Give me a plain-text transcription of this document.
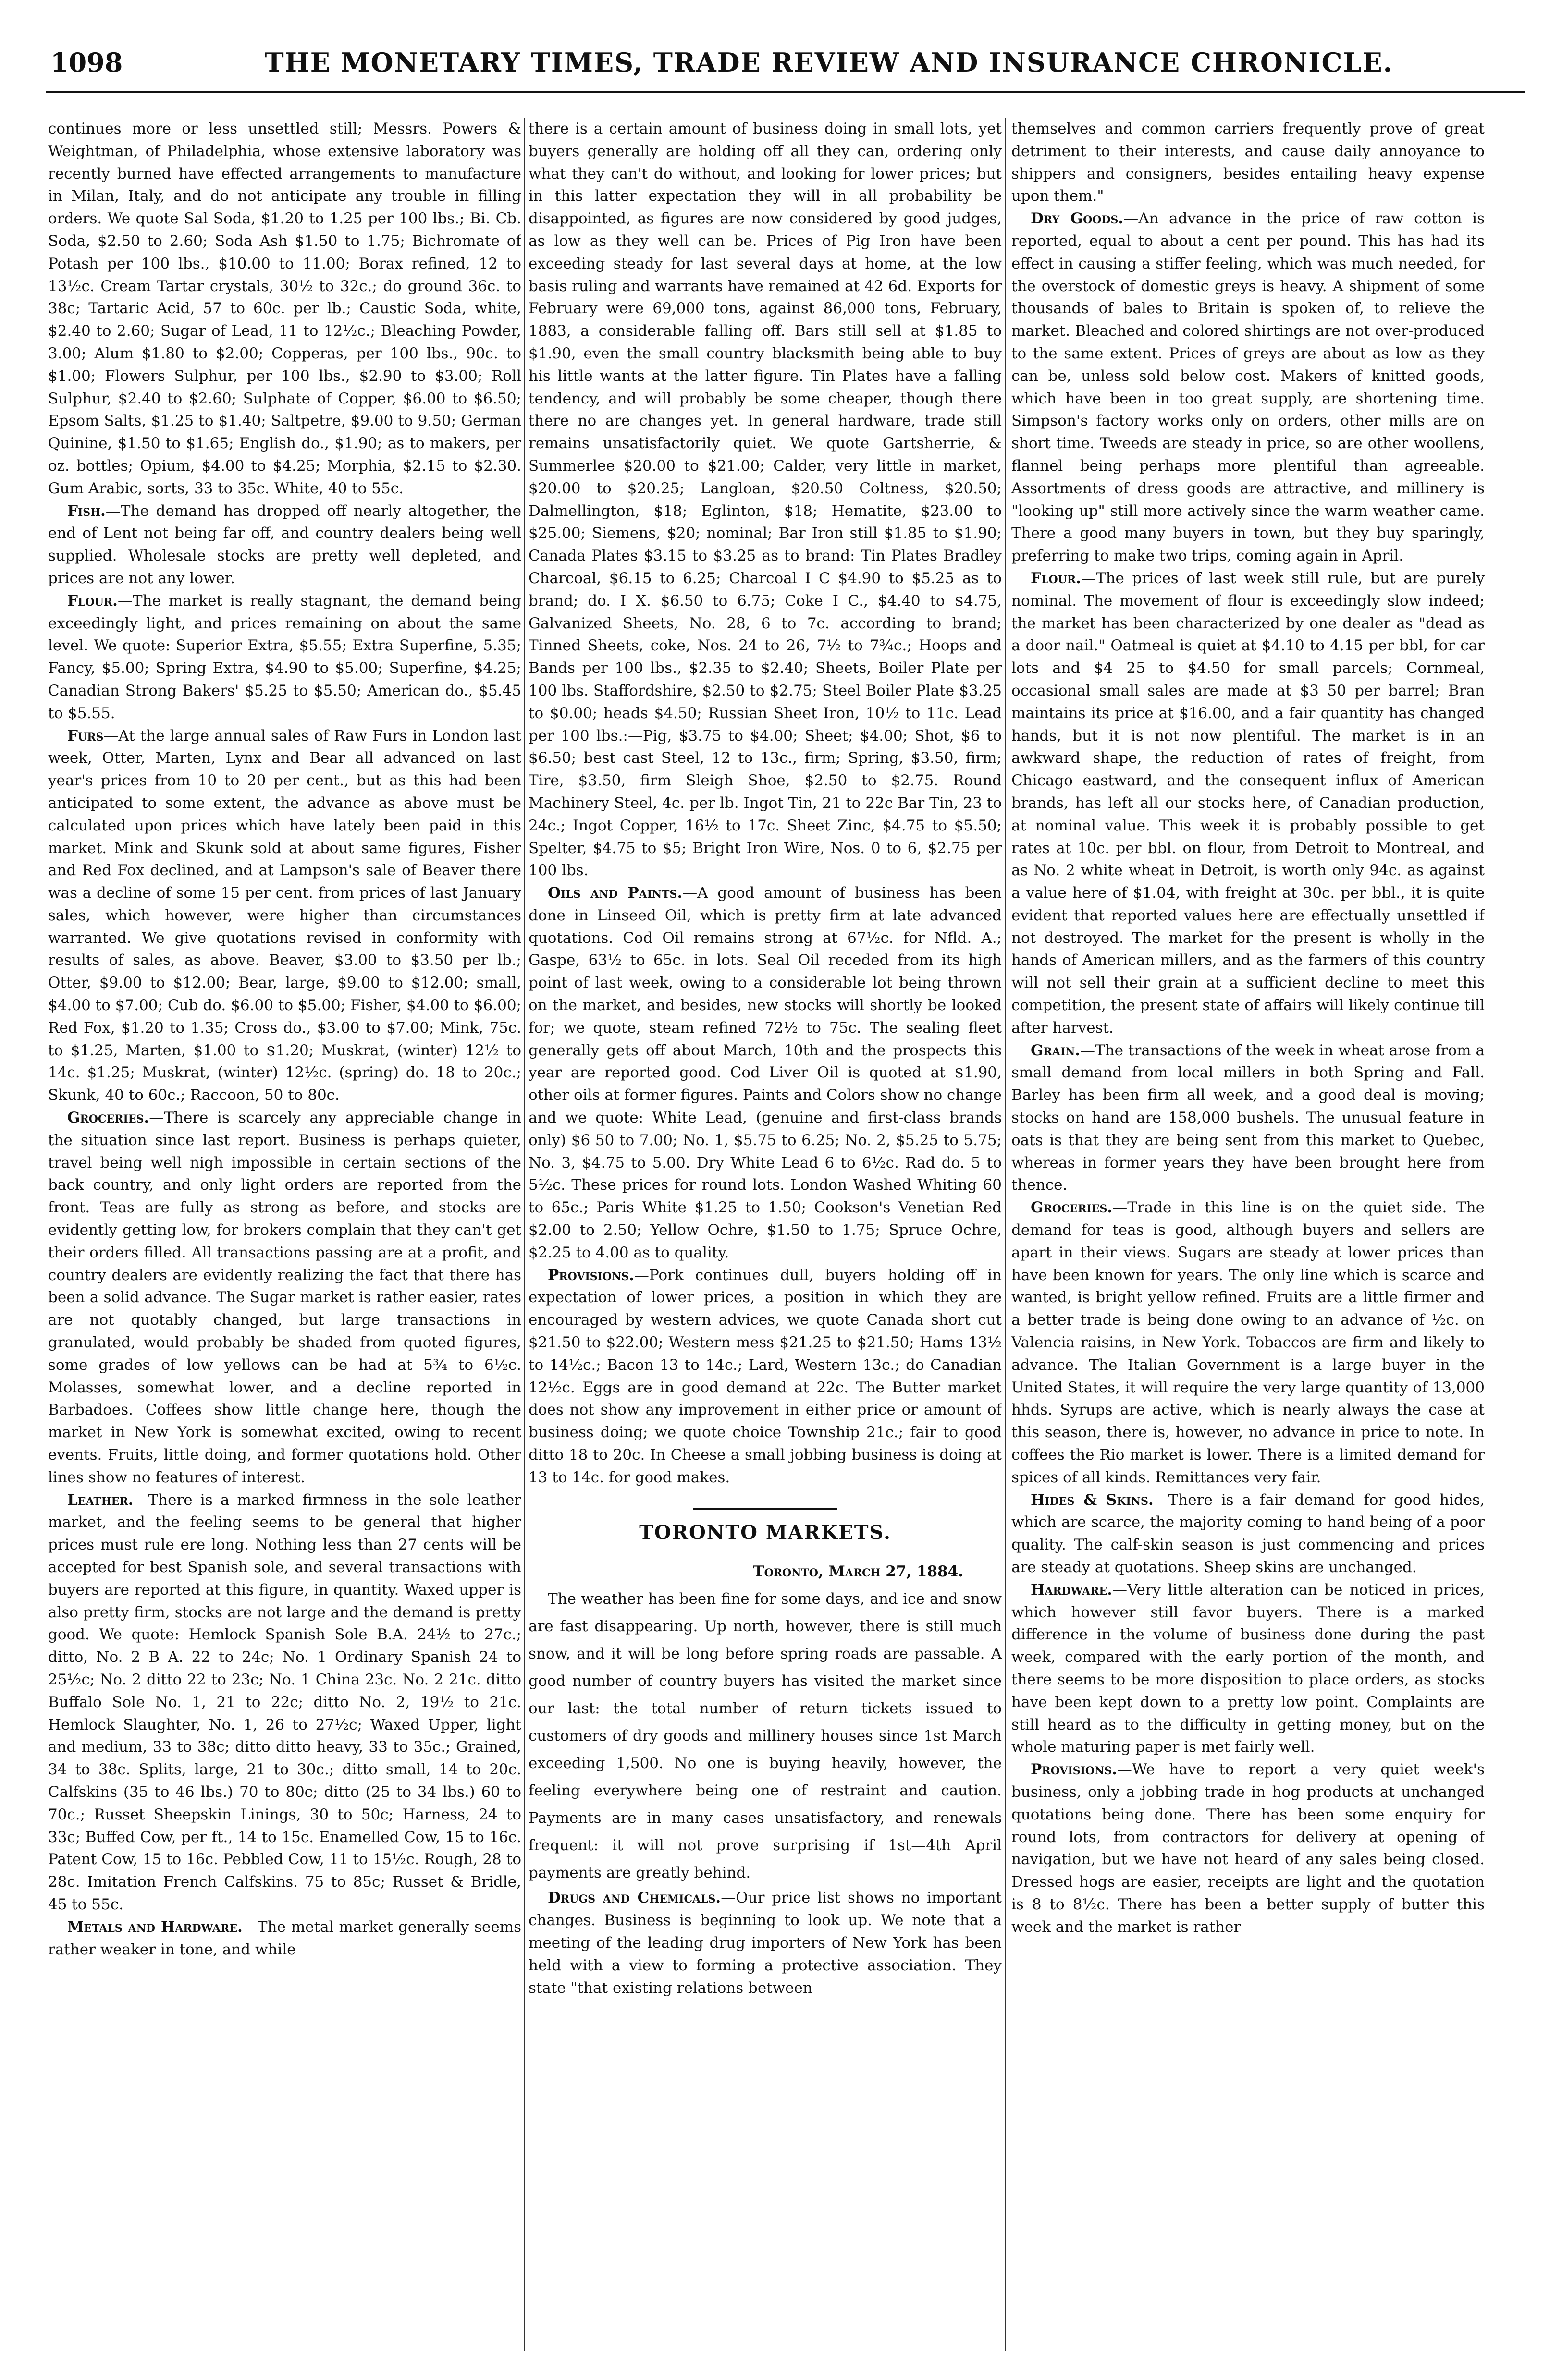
1098	THE MONETARY TIMES, TRADE REVIEW AND INSURANCE CHRONICLE.

continues more or less unsettled still; Messrs. Powers & Weightman, of Philadelphia, whose extensive laboratory was recently burned have effected arrangements to manufacture in Milan, Italy, and do not anticipate any trouble in filling orders. We quote Sal Soda, $1.20 to 1.25 per 100 lbs.; Bi. Cb. Soda, $2.50 to 2.60; Soda Ash $1.50 to 1.75; Bichromate of Potash per 100 lbs., $10.00 to 11.00; Borax refined, 12 to 13½c. Cream Tartar crystals, 30½ to 32c.; do ground 36c. to 38c; Tartaric Acid, 57 to 60c. per lb.; Caustic Soda, white, $2.40 to 2.60; Sugar of Lead, 11 to 12½c.; Bleaching Powder, 3.00; Alum $1.80 to $2.00; Copperas, per 100 lbs., 90c. to $1.00; Flowers Sulphur, per 100 lbs., $2.90 to $3.00; Roll Sulphur, $2.40 to $2.60; Sulphate of Copper, $6.00 to $6.50; Epsom Salts, $1.25 to $1.40; Saltpetre, $9.00 to 9.50; German Quinine, $1.50 to $1.65; English do., $1.90; as to makers, per oz. bottles; Opium, $4.00 to $4.25; Morphia, $2.15 to $2.30. Gum Arabic, sorts, 33 to 35c. White, 40 to 55c.

Fish.—The demand has dropped off nearly altogether, the end of Lent not being far off, and country dealers being well supplied. Wholesale stocks are pretty well depleted, and prices are not any lower.

Flour.—The market is really stagnant, the demand being exceedingly light, and prices remaining on about the same level. We quote: Superior Extra, $5.55; Extra Superfine, 5.35; Fancy, $5.00; Spring Extra, $4.90 to $5.00; Superfine, $4.25; Canadian Strong Bakers' $5.25 to $5.50; American do., $5.45 to $5.55.

Furs—At the large annual sales of Raw Furs in London last week, Otter, Marten, Lynx and Bear all advanced on last year's prices from 10 to 20 per cent., but as this had been anticipated to some extent, the advance as above must be calculated upon prices which have lately been paid in this market. Mink and Skunk sold at about same figures, Fisher and Red Fox declined, and at Lampson's sale of Beaver there was a decline of some 15 per cent. from prices of last January sales, which however, were higher than circumstances warranted. We give quotations revised in conformity with results of sales, as above. Beaver, $3.00 to $3.50 per lb.; Otter, $9.00 to $12.00; Bear, large, $9.00 to $12.00; small, $4.00 to $7.00; Cub do. $6.00 to $5.00; Fisher, $4.00 to $6.00; Red Fox, $1.20 to 1.35; Cross do., $3.00 to $7.00; Mink, 75c. to $1.25, Marten, $1.00 to $1.20; Muskrat, (winter) 12½ to 14c. $1.25; Muskrat, (winter) 12½c. (spring) do. 18 to 20c.; Skunk, 40 to 60c.; Raccoon, 50 to 80c.

Groceries.—There is scarcely any appreciable change in the situation since last report. Business is perhaps quieter, travel being well nigh impossible in certain sections of the back country, and only light orders are reported from the front. Teas are fully as strong as before, and stocks are evidently getting low, for brokers complain that they can't get their orders filled. All transactions passing are at a profit, and country dealers are evidently realizing the fact that there has been a solid advance. The Sugar market is rather easier, rates are not quotably changed, but large transactions in granulated, would probably be shaded from quoted figures, some grades of low yellows can be had at 5¾ to 6½c. Molasses, somewhat lower, and a decline reported in Barbadoes. Coffees show little change here, though the market in New York is somewhat excited, owing to recent events. Fruits, little doing, and former quotations hold. Other lines show no features of interest.

Leather.—There is a marked firmness in the sole leather market, and the feeling seems to be general that higher prices must rule ere long. Nothing less than 27 cents will be accepted for best Spanish sole, and several transactions with buyers are reported at this figure, in quantity. Waxed upper is also pretty firm, stocks are not large and the demand is pretty good. We quote: Hemlock Spanish Sole B.A. 24½ to 27c.; ditto, No. 2 B A. 22 to 24c; No. 1 Ordinary Spanish 24 to 25½c; No. 2 ditto 22 to 23c; No. 1 China 23c. No. 2 21c. ditto Buffalo Sole No. 1, 21 to 22c; ditto No. 2, 19½ to 21c. Hemlock Slaughter, No. 1, 26 to 27½c; Waxed Upper, light and medium, 33 to 38c; ditto ditto heavy, 33 to 35c.; Grained, 34 to 38c. Splits, large, 21 to 30c.; ditto small, 14 to 20c. Calfskins (35 to 46 lbs.) 70 to 80c; ditto (25 to 34 lbs.) 60 to 70c.; Russet Sheepskin Linings, 30 to 50c; Harness, 24 to 33c; Buffed Cow, per ft., 14 to 15c. Enamelled Cow, 15 to 16c. Patent Cow, 15 to 16c. Pebbled Cow, 11 to 15½c. Rough, 28 to 28c. Imitation French Calfskins. 75 to 85c; Russet & Bridle, 45 to 55c.

Metals and Hardware.—The metal market generally seems rather weaker in tone, and while

there is a certain amount of business doing in small lots, yet buyers generally are holding off all they can, ordering only what they can't do without, and looking for lower prices; but in this latter expectation they will in all probability be disappointed, as figures are now considered by good judges, as low as they well can be. Prices of Pig Iron have been exceeding steady for last several days at home, at the low basis ruling and warrants have remained at 42 6d. Exports for February were 69,000 tons, against 86,000 tons, February, 1883, a considerable falling off. Bars still sell at $1.85 to $1.90, even the small country blacksmith being able to buy his little wants at the latter figure. Tin Plates have a falling tendency, and will probably be some cheaper, though there there no are changes yet. In general hardware, trade still remains unsatisfactorily quiet. We quote Gartsherrie, & Summerlee $20.00 to $21.00; Calder, very little in market, $20.00 to $20.25; Langloan, $20.50 Coltness, $20.50; Dalmellington, $18; Eglinton, $18; Hematite, $23.00 to $25.00; Siemens, $20; nominal; Bar Iron still $1.85 to $1.90; Canada Plates $3.15 to $3.25 as to brand: Tin Plates Bradley Charcoal, $6.15 to 6.25; Charcoal I C $4.90 to $5.25 as to brand; do. I X. $6.50 to 6.75; Coke I C., $4.40 to $4.75, Galvanized Sheets, No. 28, 6 to 7c. according to brand; Tinned Sheets, coke, Nos. 24 to 26, 7½ to 7¾c.; Hoops and Bands per 100 lbs., $2.35 to $2.40; Sheets, Boiler Plate per 100 lbs. Staffordshire, $2.50 to $2.75; Steel Boiler Plate $3.25 to $0.00; heads $4.50; Russian Sheet Iron, 10½ to 11c. Lead per 100 lbs.:—Pig, $3.75 to $4.00; Sheet; $4.00; Shot, $6 to $6.50; best cast Steel, 12 to 13c., firm; Spring, $3.50, firm; Tire, $3.50, firm Sleigh Shoe, $2.50 to $2.75. Round Machinery Steel, 4c. per lb. Ingot Tin, 21 to 22c Bar Tin, 23 to 24c.; Ingot Copper, 16½ to 17c. Sheet Zinc, $4.75 to $5.50; Spelter, $4.75 to $5; Bright Iron Wire, Nos. 0 to 6, $2.75 per 100 lbs.

Oils and Paints.—A good amount of business has been done in Linseed Oil, which is pretty firm at late advanced quotations. Cod Oil remains strong at 67½c. for Nfld. A.; Gaspe, 63½ to 65c. in lots. Seal Oil receded from its high point of last week, owing to a considerable lot being thrown on the market, and besides, new stocks will shortly be looked for; we quote, steam refined 72½ to 75c. The sealing fleet generally gets off about March, 10th and the prospects this year are reported good. Cod Liver Oil is quoted at $1.90, other oils at former figures. Paints and Colors show no change and we quote: White Lead, (genuine and first-class brands only) $6 50 to 7.00; No. 1, $5.75 to 6.25; No. 2, $5.25 to 5.75; No. 3, $4.75 to 5.00. Dry White Lead 6 to 6½c. Rad do. 5 to 5½c. These prices for round lots. London Washed Whiting 60 to 65c.; Paris White $1.25 to 1.50; Cookson's Venetian Red $2.00 to 2.50; Yellow Ochre, $1.50 to 1.75; Spruce Ochre, $2.25 to 4.00 as to quality.

Provisions.—Pork continues dull, buyers holding off in expectation of lower prices, a position in which they are encouraged by western advices, we quote Canada short cut $21.50 to $22.00; Western mess $21.25 to $21.50; Hams 13½ to 14½c.; Bacon 13 to 14c.; Lard, Western 13c.; do Canadian 12½c. Eggs are in good demand at 22c. The Butter market does not show any improvement in either price or amount of business doing; we quote choice Township 21c.; fair to good ditto 18 to 20c. In Cheese a small jobbing business is doing at 13 to 14c. for good makes.

TORONTO MARKETS.

Toronto, March 27, 1884.

The weather has been fine for some days, and ice and snow are fast disappearing. Up north, however, there is still much snow, and it will be long before spring roads are passable. A good number of country buyers has visited the market since our last: the total number of return tickets issued to customers of dry goods and millinery houses since 1st March exceeding 1,500. No one is buying heavily, however, the feeling everywhere being one of restraint and caution. Payments are in many cases unsatisfactory, and renewals frequent: it will not prove surprising if 1st—4th April payments are greatly behind.

Drugs and Chemicals.—Our price list shows no important changes. Business is beginning to look up. We note that a meeting of the leading drug importers of New York has been held with a view to forming a protective association. They state "that existing relations between

themselves and common carriers frequently prove of great detriment to their interests, and cause daily annoyance to shippers and consigners, besides entailing heavy expense upon them."

Dry Goods.—An advance in the price of raw cotton is reported, equal to about a cent per pound. This has had its effect in causing a stiffer feeling, which was much needed, for the overstock of domestic greys is heavy. A shipment of some thousands of bales to Britain is spoken of, to relieve the market. Bleached and colored shirtings are not over-produced to the same extent. Prices of greys are about as low as they can be, unless sold below cost. Makers of knitted goods, which have been in too great supply, are shortening time. Simpson's factory works only on orders, other mills are on short time. Tweeds are steady in price, so are other woollens, flannel being perhaps more plentiful than agreeable. Assortments of dress goods are attractive, and millinery is "looking up" still more actively since the warm weather came. There a good many buyers in town, but they buy sparingly, preferring to make two trips, coming again in April.

Flour.—The prices of last week still rule, but are purely nominal. The movement of flour is exceedingly slow indeed; the market has been characterized by one dealer as "dead as a door nail." Oatmeal is quiet at $4.10 to 4.15 per bbl, for car lots and $4 25 to $4.50 for small parcels; Cornmeal, occasional small sales are made at $3 50 per barrel; Bran maintains its price at $16.00, and a fair quantity has changed hands, but it is not now plentiful. The market is in an awkward shape, the reduction of rates of freight, from Chicago eastward, and the consequent influx of American brands, has left all our stocks here, of Canadian production, at nominal value. This week it is probably possible to get rates at 10c. per bbl. on flour, from Detroit to Montreal, and as No. 2 white wheat in Detroit, is worth only 94c. as against a value here of $1.04, with freight at 30c. per bbl., it is quite evident that reported values here are effectually unsettled if not destroyed. The market for the present is wholly in the hands of American millers, and as the farmers of this country will not sell their grain at a sufficient decline to meet this competition, the present state of affairs will likely continue till after harvest.

Grain.—The transactions of the week in wheat arose from a small demand from local millers in both Spring and Fall. Barley has been firm all week, and a good deal is moving; stocks on hand are 158,000 bushels. The unusual feature in oats is that they are being sent from this market to Quebec, whereas in former years they have been brought here from thence.

Groceries.—Trade in this line is on the quiet side. The demand for teas is good, although buyers and sellers are apart in their views. Sugars are steady at lower prices than have been known for years. The only line which is scarce and wanted, is bright yellow refined. Fruits are a little firmer and a better trade is being done owing to an advance of ½c. on Valencia raisins, in New York. Tobaccos are firm and likely to advance. The Italian Government is a large buyer in the United States, it will require the very large quantity of 13,000 hhds. Syrups are active, which is nearly always the case at this season, there is, however, no advance in price to note. In coffees the Rio market is lower. There is a limited demand for spices of all kinds. Remittances very fair.

Hides & Skins.—There is a fair demand for good hides, which are scarce, the majority coming to hand being of a poor quality. The calf-skin season is just commencing and prices are steady at quotations. Sheep skins are unchanged.

Hardware.—Very little alteration can be noticed in prices, which however still favor buyers. There is a marked difference in the volume of business done during the past week, compared with the early portion of the month, and there seems to be more disposition to place orders, as stocks have been kept down to a pretty low point. Complaints are still heard as to the difficulty in getting money, but on the whole maturing paper is met fairly well.

Provisions.—We have to report a very quiet week's business, only a jobbing trade in hog products at unchanged quotations being done. There has been some enquiry for round lots, from contractors for delivery at opening of navigation, but we have not heard of any sales being closed. Dressed hogs are easier, receipts are light and the quotation is 8 to 8½c. There has been a better supply of butter this week and the market is rather
